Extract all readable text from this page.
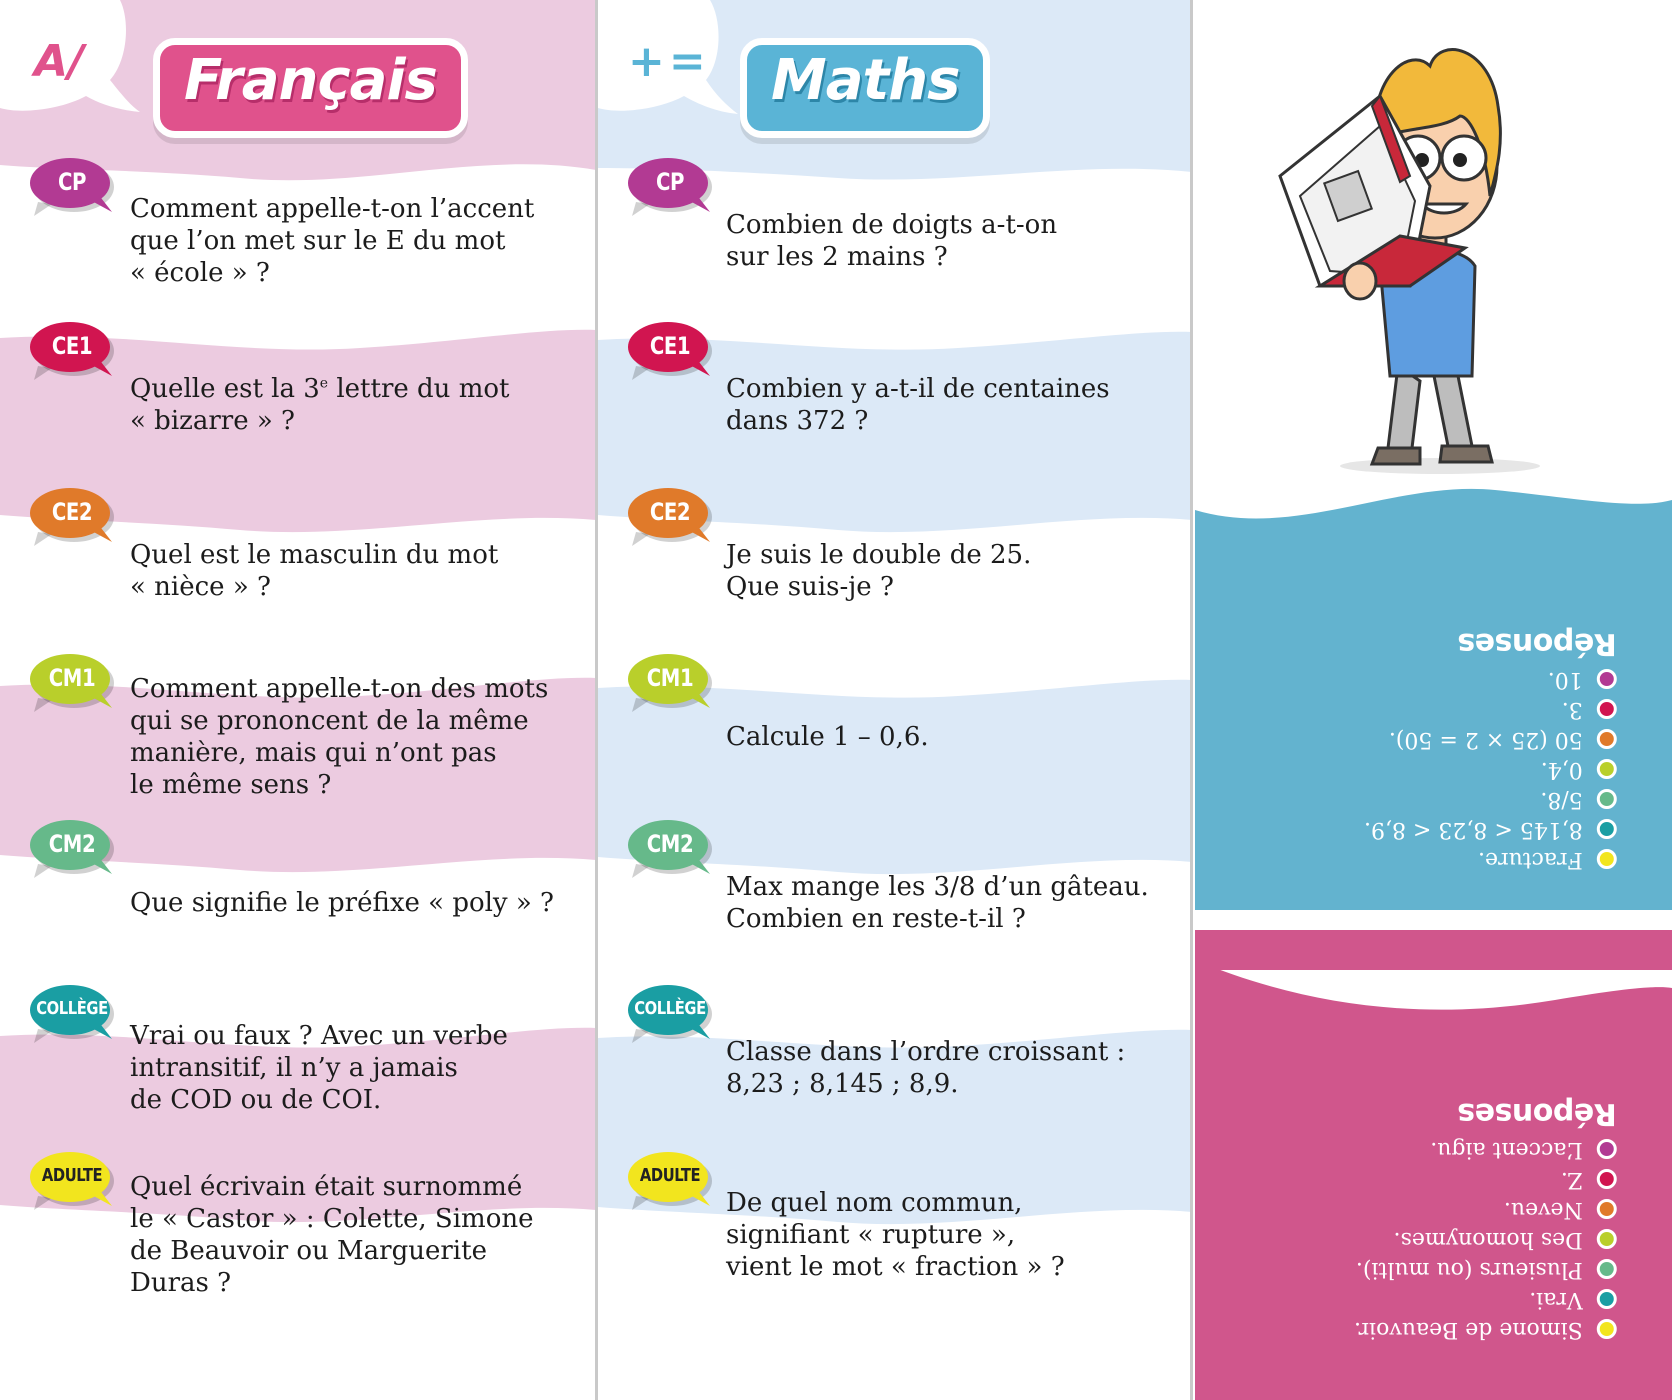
A/	Français
CP
Comment appelle-t-on l’accent
que l’on met sur le E du mot
« école » ?
CE1
Quelle est la 3e lettre du mot
« bizarre » ?
CE2
Quel est le masculin du mot
« nièce » ?
CM1	Comment appelle-t-on des mots
qui se prononcent de la même
manière, mais qui n’ont pas
le même sens ?
CM2
Que signifie le préfixe « poly » ?
COLLÈGE
Vrai ou faux ? Avec un verbe
intransitif, il n’y a jamais
de COD ou de COI.
ADULTE Quel écrivain était surnommé
le « Castor » : Colette, Simone
de Beauvoir ou Marguerite Duras ?
+=	Maths
CP
Combien de doigts a-t-on
sur les 2 mains ?
CE1
Combien y a-t-il de centaines
dans 372 ?
CE2
Je suis le double de 25.
Que suis-je ?
CM1
Calcule 1 – 0,6.
CM2
Max mange les 3/8 d’un gâteau.
Combien en reste-t-il ?
COLLÈGE
Classe dans l’ordre croissant :
8,23 ; 8,145 ; 8,9.
ADULTE
De quel nom commun,
signifiant « rupture »,
vient le mot « fraction » ?
Fracture.
8,145 < 8,23 < 8,9.
5/8.
0,4.
50 (25 × 2 = 50).
3.
10.
Réponses
Simone de Beauvoir.
Vrai.
Plusieurs (ou multi).
Des homonymes.
Neveu.
Z.
L’accent aigu.
Réponses
